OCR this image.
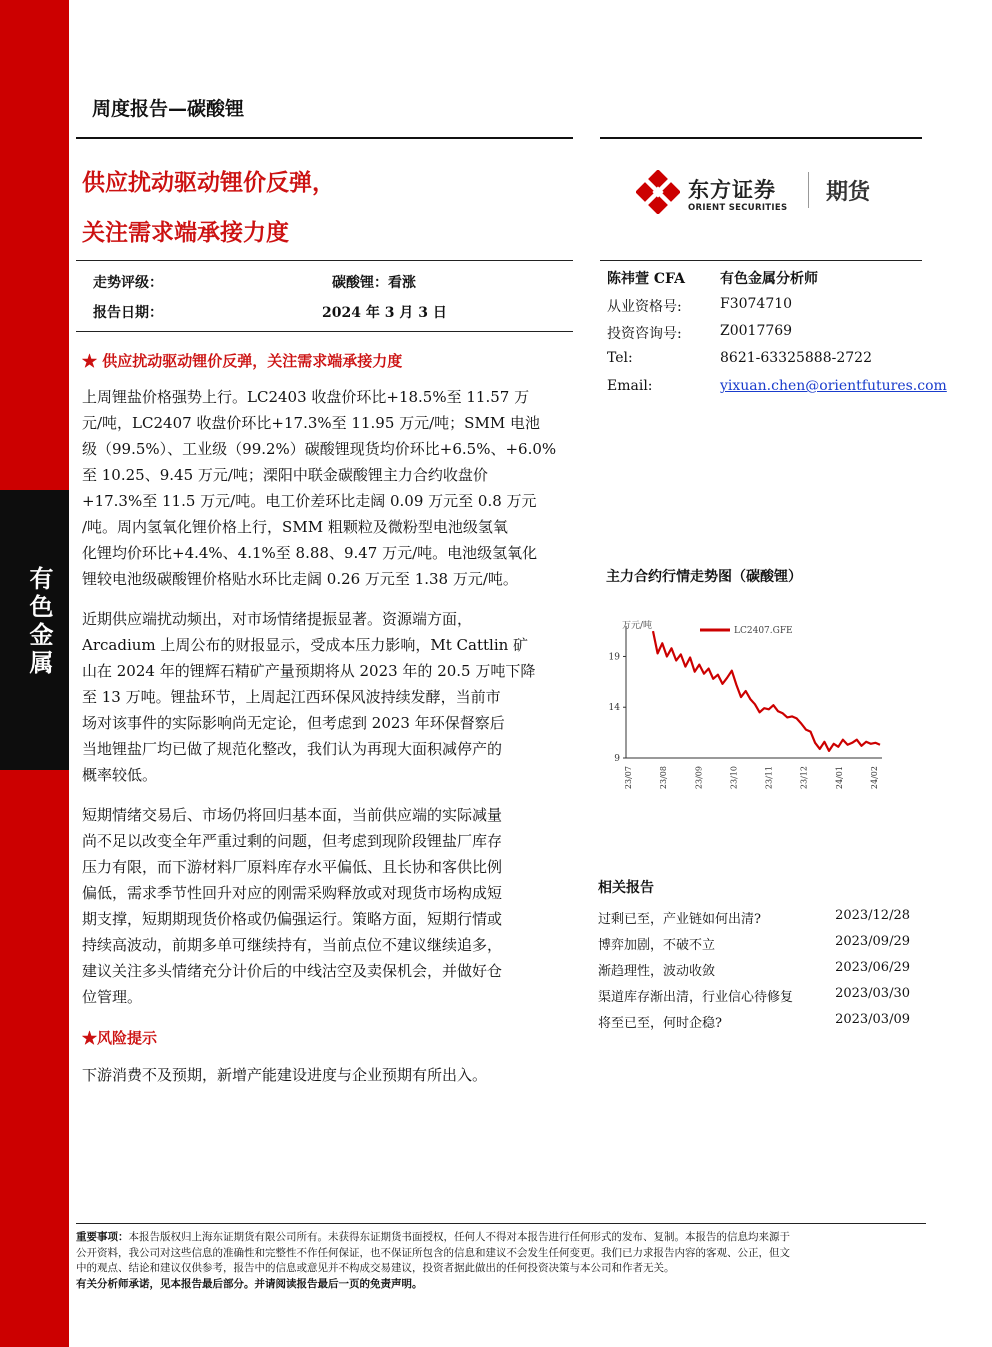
有色金属
周度报告—碳酸锂
供应扰动驱动锂价反弹，
关注需求端承接力度
东方证券
ORIENT SECURITIES
期货
走势评级：	碳酸锂：看涨
报告日期：	2024 年 3 月 3 日
陈祎萱 CFA	有色金属分析师
从业资格号:	F3074710
投资咨询号:	Z0017769
Tel:	8621-63325888-2722
Email:	yixuan.chen@orientfutures.com
★ 供应扰动驱动锂价反弹，关注需求端承接力度
上周锂盐价格强势上行。LC2403 收盘价环比+18.5%至 11.57 万
元/吨，LC2407 收盘价环比+17.3%至 11.95 万元/吨；SMM 电池
级（99.5%）、工业级（99.2%）碳酸锂现货均价环比+6.5%、+6.0%
至 10.25、9.45 万元/吨；溧阳中联金碳酸锂主力合约收盘价
+17.3%至 11.5 万元/吨。电工价差环比走阔 0.09 万元至 0.8 万元
/吨。周内氢氧化锂价格上行，SMM 粗颗粒及微粉型电池级氢氧
化锂均价环比+4.4%、4.1%至 8.88、9.47 万元/吨。电池级氢氧化
锂较电池级碳酸锂价格贴水环比走阔 0.26 万元至 1.38 万元/吨。
近期供应端扰动频出，对市场情绪提振显著。资源端方面，
Arcadium 上周公布的财报显示，受成本压力影响，Mt Cattlin 矿
山在 2024 年的锂辉石精矿产量预期将从 2023 年的 20.5 万吨下降
至 13 万吨。锂盐环节，上周起江西环保风波持续发酵，当前市
场对该事件的实际影响尚无定论，但考虑到 2023 年环保督察后
当地锂盐厂均已做了规范化整改，我们认为再现大面积减停产的
概率较低。
短期情绪交易后、市场仍将回归基本面，当前供应端的实际减量
尚不足以改变全年严重过剩的问题，但考虑到现阶段锂盐厂库存
压力有限，而下游材料厂原料库存水平偏低、且长协和客供比例
偏低，需求季节性回升对应的刚需采购释放或对现货市场构成短
期支撑，短期期现货价格或仍偏强运行。策略方面，短期行情或
持续高波动，前期多单可继续持有，当前点位不建议继续追多，
建议关注多头情绪充分计价后的中线沽空及卖保机会，并做好仓
位管理。
★风险提示
下游消费不及预期，新增产能建设进度与企业预期有所出入。
主力合约行情走势图（碳酸锂）
万元/吨
9
14
19
23/07	23/08	23/09	23/10	23/11	23/12	24/01	24/02
LC2407.GFE
相关报告
过剩已至，产业链如何出清?	2023/12/28
博弈加剧，不破不立	2023/09/29
渐趋理性，波动收敛	2023/06/29
渠道库存渐出清，行业信心待修复	2023/03/30
将至已至，何时企稳?	2023/03/09
重要事项：本报告版权归上海东证期货有限公司所有。未获得东证期货书面授权，任何人不得对本报告进行任何形式的发布、复制。本报告的信息均来源于
公开资料，我公司对这些信息的准确性和完整性不作任何保证，也不保证所包含的信息和建议不会发生任何变更。我们已力求报告内容的客观、公正，但文
中的观点、结论和建议仅供参考，报告中的信息或意见并不构成交易建议，投资者据此做出的任何投资决策与本公司和作者无关。
有关分析师承诺，见本报告最后部分。并请阅读报告最后一页的免责声明。
